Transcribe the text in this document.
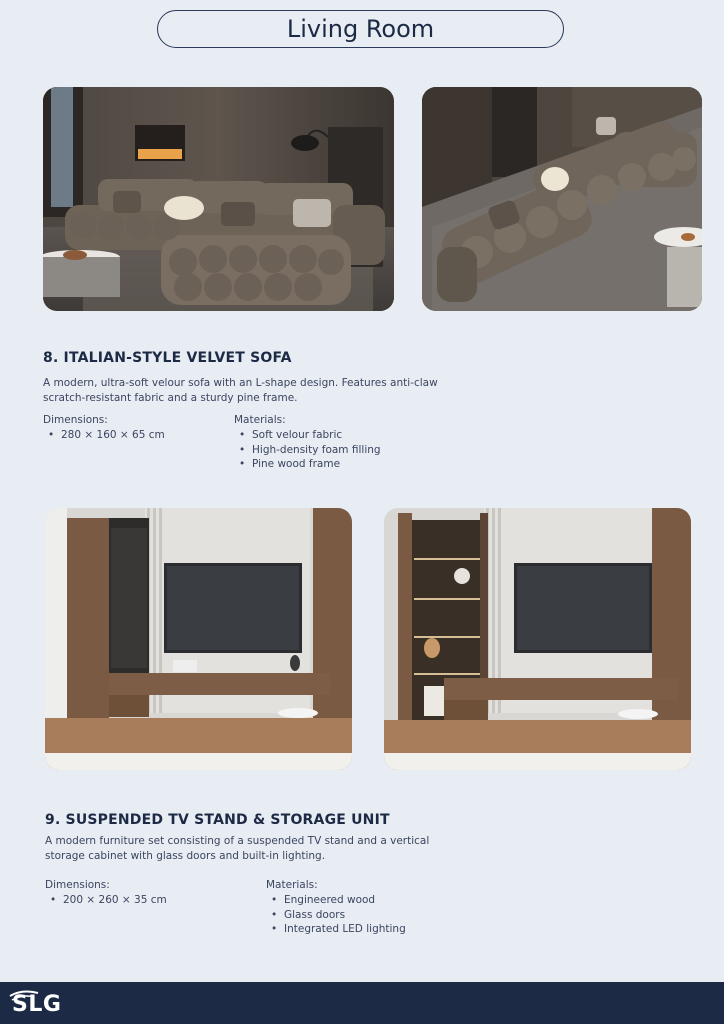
Living Room
8. ITALIAN-STYLE VELVET SOFA
A modern, ultra-soft velour sofa with an L-shape design. Features anti-claw
scratch-resistant fabric and a sturdy pine frame.
Dimensions:
• 280 × 160 × 65 cm
Materials:
• Soft velour fabric
• High-density foam filling
• Pine wood frame
9. SUSPENDED TV STAND & STORAGE UNIT
A modern furniture set consisting of a suspended TV stand and a vertical
storage cabinet with glass doors and built-in lighting.
Dimensions:
• 200 × 260 × 35 cm
Materials:
• Engineered wood
• Glass doors
• Integrated LED lighting
SLG
